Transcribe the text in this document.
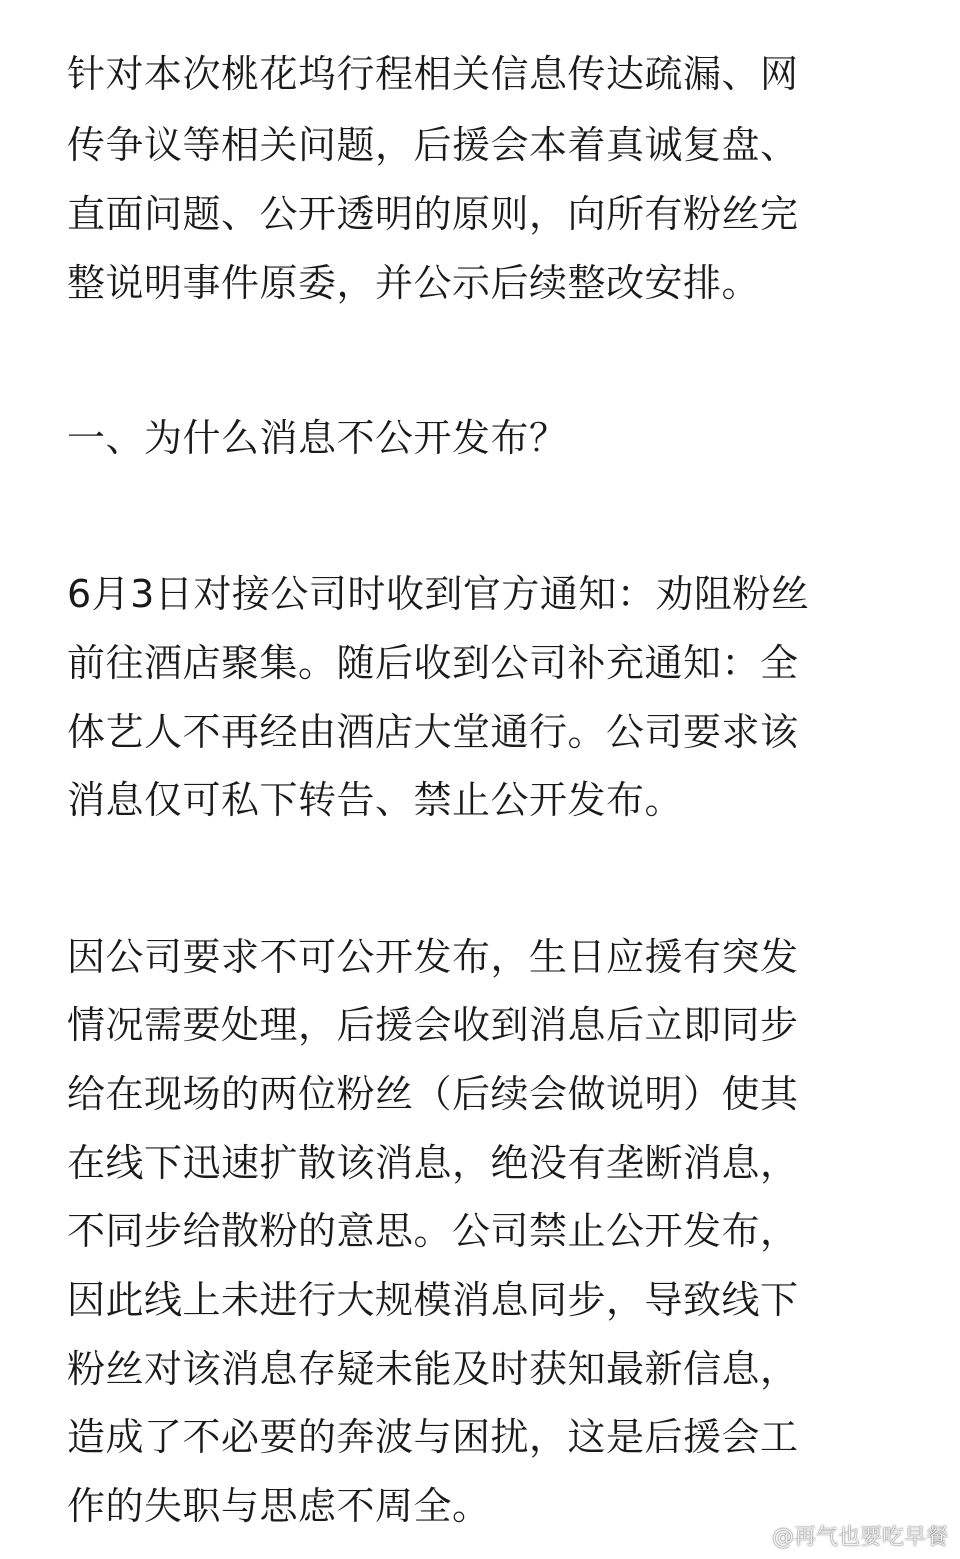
针对本次桃花坞行程相关信息传达疏漏、网

传争议等相关问题，后援会本着真诚复盘、

直面问题、公开透明的原则，向所有粉丝完

整说明事件原委，并公示后续整改安排。

一、为什么消息不公开发布？

6月3日对接公司时收到官方通知：劝阻粉丝

前往酒店聚集。随后收到公司补充通知：全

体艺人不再经由酒店大堂通行。公司要求该

消息仅可私下转告、禁止公开发布。

因公司要求不可公开发布，生日应援有突发

情况需要处理，后援会收到消息后立即同步

给在现场的两位粉丝（后续会做说明）使其

在线下迅速扩散该消息，绝没有垄断消息，

不同步给散粉的意思。公司禁止公开发布，

因此线上未进行大规模消息同步，导致线下

粉丝对该消息存疑未能及时获知最新信息，

造成了不必要的奔波与困扰，这是后援会工

作的失职与思虑不周全。

@再气也要吃早餐
